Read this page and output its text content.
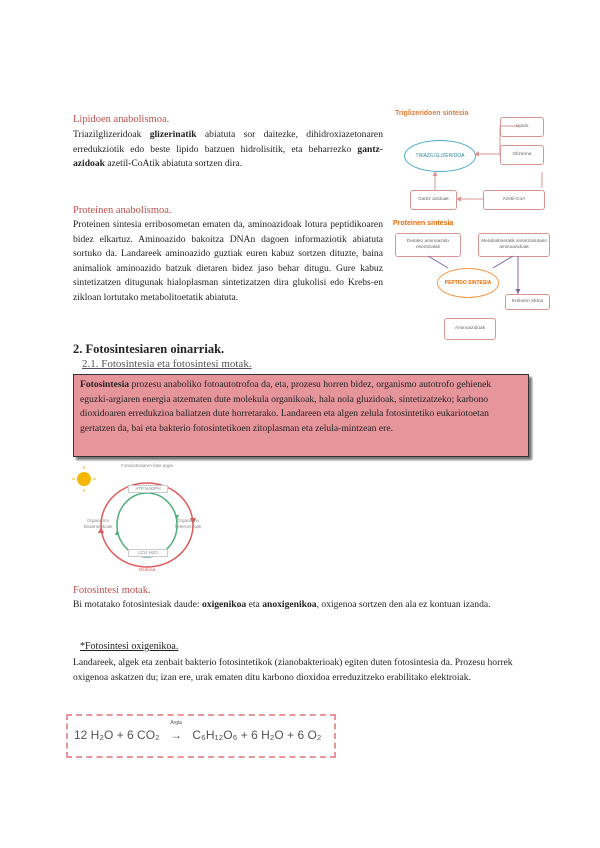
Lipidoen anabolismoa.
Triazilglizeridoak glizerinatik abiatuta sor daitezke, dihidroxiazetonaren erredukziotik edo beste lipido batzuen hidrolisitik, eta beharrezko gantz-azidoak azetil-CoAtik abiatuta sortzen dira.
Proteinen anabolismoa.
Proteinen sintesia erribosometan ematen da, aminoazidoak lotura peptidikoaren bidez elkartuz. Aminoazido bakoitza DNAn dagoen informaziotik abiatuta sortuko da. Landareek aminoazido guztiak euren kabuz sortzen dituzte, baina animaliok aminoazido batzuk dietaren bidez jaso behar ditugu. Gure kabuz sintetizatzen ditugunak hialoplasman sintetizatzen dira glukolisi edo Krebs-en zikloan lortutako metabolitoetatik abiatuta.
Triglizeridoen sintesia
TRIAZILGLIZERIDOA
Lipido
Glizerina
Gantz azidoak	Azetil-CoA
Proteinen sintesia
Dietako aminoazido esentzialak
Metabolitoetatik sintetizatutako aminoazidoak
PEPTIDO SINTESIA
Krebsen zikloa
Aminoazidoak
2. Fotosintesiaren oinarriak.
2.1. Fotosintesia eta fotosintesi motak.
Fotosintesia prozesu anaboliko fotoautotrofoa da, eta, prozesu horren bidez, organismo autotrofo gehienek eguzki-argiaren energia atzematen dute molekula organikoak, hala nola gluzidoak, sintetizatzeko; karbono dioxidoaren erredukzioa baliatzen dute horretarako. Landareen eta algen zelula fotosintetiko eukariotoetan gertatzen da, bai eta bakterio fotosintetikoen zitoplasman eta zelula-mintzean ere.
Fotosintesiaren fase argia
ATP NADPH
Organismo fotosintetikoak
Organismo heterotrofoak
CO2 H2O
Glukosa
Fotosintesi motak.
Bi motatako fotosintesiak daude: oxigenikoa eta anoxigenikoa, oxigenoa sortzen den ala ez kontuan izanda.
*Fotosintesi oxigenikoa.
Landareek, algek eta zenbait bakterio fotosintetikok (zianobakterioak) egiten duten fotosintesia da. Prozesu horrek oxigenoa askatzen du; izan ere, urak ematen ditu karbono dioxidoa erreduzitzeko erabilitako elektroiak.
12 H₂O + 6 CO₂
Argia
→ C₆H₁₂O₆ + 6 H₂O + 6 O₂
